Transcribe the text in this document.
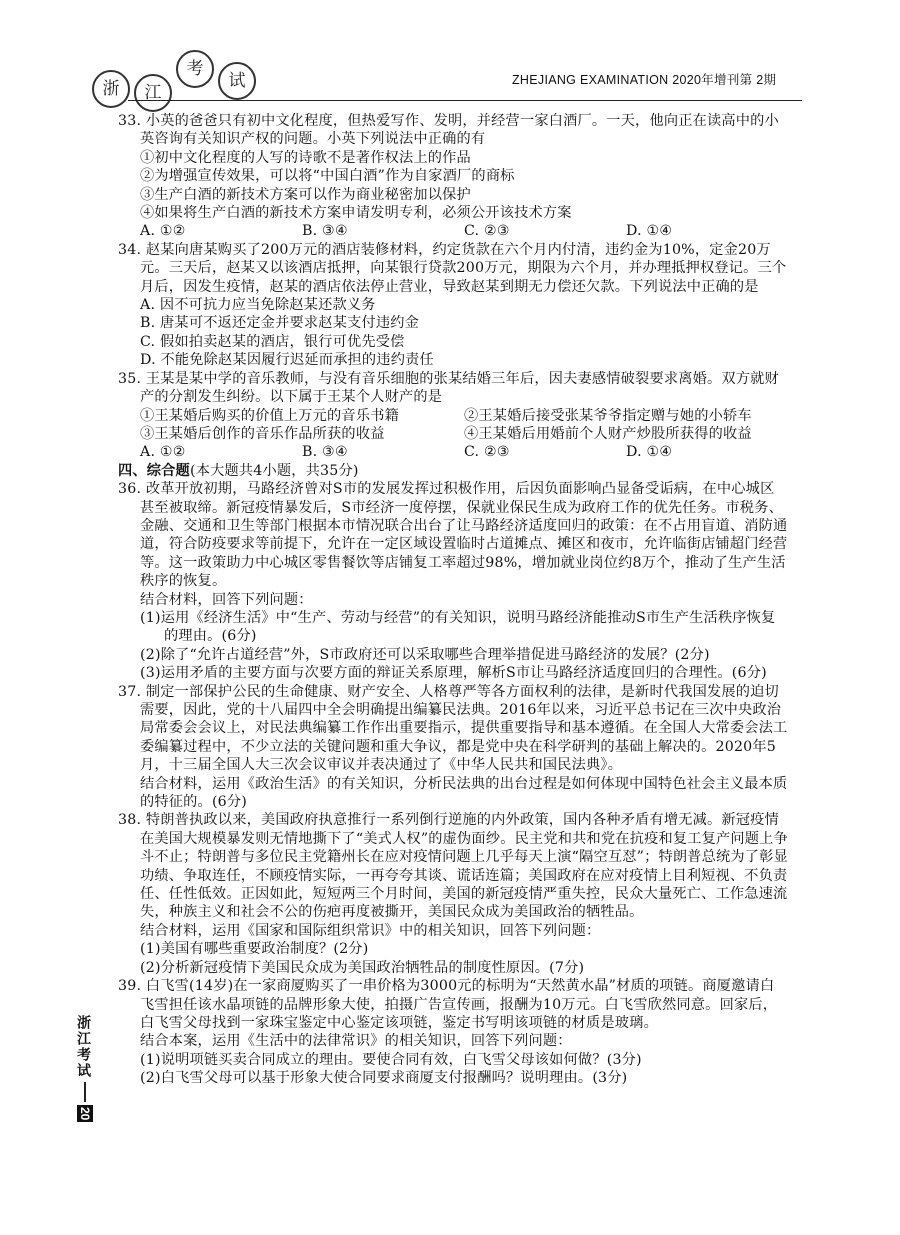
浙	江
考
试	ZHEJIANG EXAMINATION 2020年增刊第 2期
浙江考试
20

33. 小英的爸爸只有初中文化程度，但热爱写作、发明，并经营一家白酒厂。一天，他向正在读高中的小英咨询有关知识产权的问题。小英下列说法中正确的有

①初中文化程度的人写的诗歌不是著作权法上的作品

②为增强宣传效果，可以将“中国白酒”作为自家酒厂的商标

③生产白酒的新技术方案可以作为商业秘密加以保护

④如果将生产白酒的新技术方案申请发明专利，必须公开该技术方案

A. ①②	B. ③④	C. ②③	D. ①④

34. 赵某向唐某购买了200万元的酒店装修材料，约定货款在六个月内付清，违约金为10%，定金20万元。三天后，赵某又以该酒店抵押，向某银行贷款200万元，期限为六个月，并办理抵押权登记。三个月后，因发生疫情，赵某的酒店依法停止营业，导致赵某到期无力偿还欠款。下列说法中正确的是

A. 因不可抗力应当免除赵某还款义务

B. 唐某可不返还定金并要求赵某支付违约金

C. 假如拍卖赵某的酒店，银行可优先受偿

D. 不能免除赵某因履行迟延而承担的违约责任

35. 王某是某中学的音乐教师，与没有音乐细胞的张某结婚三年后，因夫妻感情破裂要求离婚。双方就财产的分割发生纠纷。以下属于王某个人财产的是

①王某婚后购买的价值上万元的音乐书籍	②王某婚后接受张某爷爷指定赠与她的小轿车
③王某婚后创作的音乐作品所获的收益	④王某婚后用婚前个人财产炒股所获得的收益
A. ①②	B. ③④	C. ②③	D. ①④

四、综合题(本大题共4小题，共35分)

36. 改革开放初期，马路经济曾对S市的发展发挥过积极作用，后因负面影响凸显备受诟病，在中心城区甚至被取缔。新冠疫情暴发后，S市经济一度停摆，保就业保民生成为政府工作的优先任务。市税务、金融、交通和卫生等部门根据本市情况联合出台了让马路经济适度回归的政策：在不占用盲道、消防通道，符合防疫要求等前提下，允许在一定区域设置临时占道摊点、摊区和夜市，允许临街店铺超门经营等。这一政策助力中心城区零售餐饮等店铺复工率超过98%，增加就业岗位约8万个，推动了生产生活秩序的恢复。

结合材料，回答下列问题：

(1)运用《经济生活》中“生产、劳动与经营”的有关知识，说明马路经济能推动S市生产生活秩序恢复的理由。(6分)

(2)除了“允许占道经营”外，S市政府还可以采取哪些合理举措促进马路经济的发展？(2分)

(3)运用矛盾的主要方面与次要方面的辩证关系原理，解析S市让马路经济适度回归的合理性。(6分)

37. 制定一部保护公民的生命健康、财产安全、人格尊严等各方面权利的法律，是新时代我国发展的迫切需要，因此，党的十八届四中全会明确提出编纂民法典。2016年以来，习近平总书记在三次中央政治局常委会会议上，对民法典编纂工作作出重要指示，提供重要指导和基本遵循。在全国人大常委会法工委编纂过程中，不少立法的关键问题和重大争议，都是党中央在科学研判的基础上解决的。2020年5月，十三届全国人大三次会议审议并表决通过了《中华人民共和国民法典》。

结合材料，运用《政治生活》的有关知识，分析民法典的出台过程是如何体现中国特色社会主义最本质的特征的。(6分)

38. 特朗普执政以来，美国政府执意推行一系列倒行逆施的内外政策，国内各种矛盾有增无减。新冠疫情在美国大规模暴发则无情地撕下了“美式人权”的虚伪面纱。民主党和共和党在抗疫和复工复产问题上争斗不止；特朗普与多位民主党籍州长在应对疫情问题上几乎每天上演“隔空互怼”；特朗普总统为了彰显功绩、争取连任，不顾疫情实际，一再夸夸其谈、谎话连篇；美国政府在应对疫情上目利短视、不负责任、任性低效。正因如此，短短两三个月时间，美国的新冠疫情严重失控，民众大量死亡、工作急速流失，种族主义和社会不公的伤疤再度被撕开，美国民众成为美国政治的牺牲品。

结合材料，运用《国家和国际组织常识》中的相关知识，回答下列问题：

(1)美国有哪些重要政治制度？(2分)

(2)分析新冠疫情下美国民众成为美国政治牺牲品的制度性原因。(7分)

39. 白飞雪(14岁)在一家商厦购买了一串价格为3000元的标明为“天然黄水晶”材质的项链。商厦邀请白飞雪担任该水晶项链的品牌形象大使，拍摄广告宣传画，报酬为10万元。白飞雪欣然同意。回家后，白飞雪父母找到一家珠宝鉴定中心鉴定该项链，鉴定书写明该项链的材质是玻璃。

结合本案，运用《生活中的法律常识》的相关知识，回答下列问题：

(1)说明项链买卖合同成立的理由。要使合同有效，白飞雪父母该如何做？(3分)

(2)白飞雪父母可以基于形象大使合同要求商厦支付报酬吗？说明理由。(3分)
